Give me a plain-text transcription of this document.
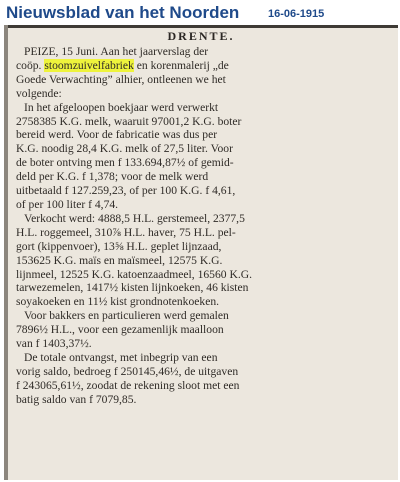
Nieuwsblad van het Noorden	16-06-1915
DRENTE.
PEIZE, 15 Juni. Aan het jaarverslag der
coöp. stoomzuivelfabriek en korenmalerij „de
Goede Verwachting” alhier, ontleenen we het
volgende:
In het afgeloopen boekjaar werd verwerkt
2758385 K.G. melk, waaruit 97001,2 K.G. boter
bereid werd. Voor de fabricatie was dus per
K.G. noodig 28,4 K.G. melk of 27,5 liter. Voor
de boter ontving men f 133.694,87½ of gemid-
deld per K.G. f 1,378; voor de melk werd
uitbetaald f 127.259,23, of per 100 K.G. f 4,61,
of per 100 liter f 4,74.
Verkocht werd: 4888,5 H.L. gerstemeel, 2377,5
H.L. roggemeel, 310⅞ H.L. haver, 75 H.L. pel-
gort (kippenvoer), 13⅝ H.L. geplet lijnzaad,
153625 K.G. maïs en maïsmeel, 12575 K.G.
lijnmeel, 12525 K.G. katoenzaadmeel, 16560 K.G.
tarwezemelen, 1417½ kisten lijnkoeken, 46 kisten
soyakoeken en 11½ kist grondnotenkoeken.
Voor bakkers en particulieren werd gemalen
7896½ H.L., voor een gezamenlijk maalloon
van f 1403,37½.
De totale ontvangst, met inbegrip van een
vorig saldo, bedroeg f 250145,46½, de uitgaven
f 243065,61½, zoodat de rekening sloot met een
batig saldo van f 7079,85.
